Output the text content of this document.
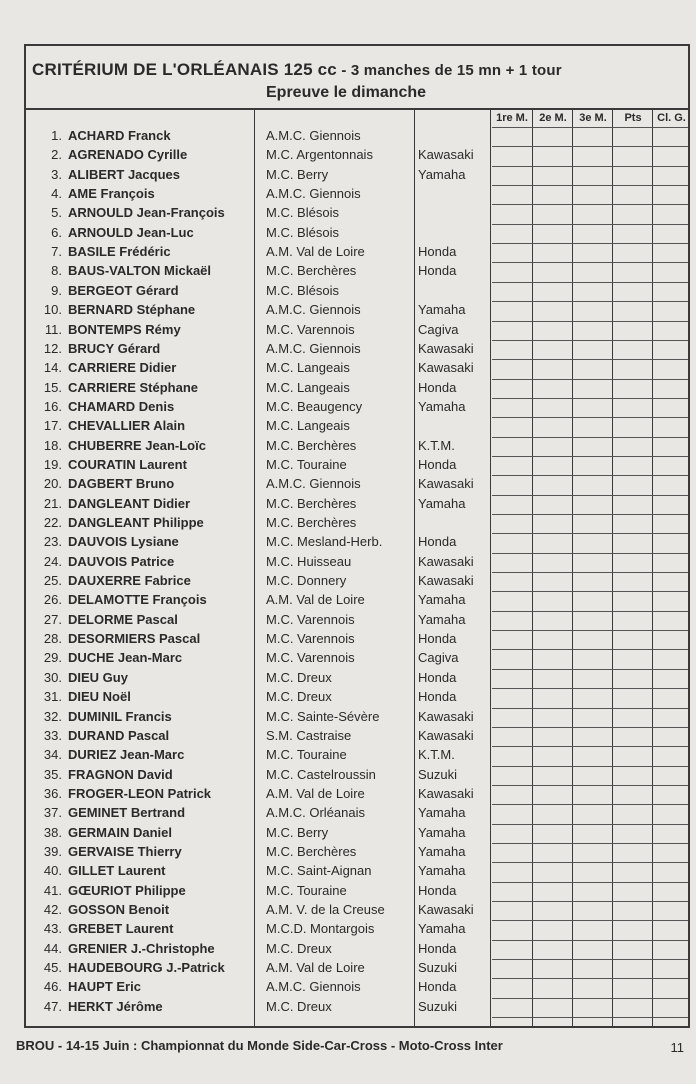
CRITÉRIUM DE L'ORLÉANAIS 125 cc - 3 manches de 15 mn + 1 tour
Epreuve le dimanche
1re M.	2e M.	3e M.	Pts	Cl. G.
1. ACHARD Franck	A.M.C. Giennois
2. AGRENADO Cyrille	M.C. Argentonnais	Kawasaki
3. ALIBERT Jacques	M.C. Berry	Yamaha
4. AME François	A.M.C. Giennois
5. ARNOULD Jean-François	M.C. Blésois
6. ARNOULD Jean-Luc	M.C. Blésois
7. BASILE Frédéric	A.M. Val de Loire	Honda
8. BAUS-VALTON Mickaël	M.C. Berchères	Honda
9. BERGEOT Gérard	M.C. Blésois
10. BERNARD Stéphane	A.M.C. Giennois	Yamaha
11. BONTEMPS Rémy	M.C. Varennois	Cagiva
12. BRUCY Gérard	A.M.C. Giennois	Kawasaki
14. CARRIERE Didier	M.C. Langeais	Kawasaki
15. CARRIERE Stéphane	M.C. Langeais	Honda
16. CHAMARD Denis	M.C. Beaugency	Yamaha
17. CHEVALLIER Alain	M.C. Langeais
18. CHUBERRE Jean-Loïc	M.C. Berchères	K.T.M.
19. COURATIN Laurent	M.C. Touraine	Honda
20. DAGBERT Bruno	A.M.C. Giennois	Kawasaki
21. DANGLEANT Didier	M.C. Berchères	Yamaha
22. DANGLEANT Philippe	M.C. Berchères
23. DAUVOIS Lysiane	M.C. Mesland-Herb.	Honda
24. DAUVOIS Patrice	M.C. Huisseau	Kawasaki
25. DAUXERRE Fabrice	M.C. Donnery	Kawasaki
26. DELAMOTTE François	A.M. Val de Loire	Yamaha
27. DELORME Pascal	M.C. Varennois	Yamaha
28. DESORMIERS Pascal	M.C. Varennois	Honda
29. DUCHE Jean-Marc	M.C. Varennois	Cagiva
30. DIEU Guy	M.C. Dreux	Honda
31. DIEU Noël	M.C. Dreux	Honda
32. DUMINIL Francis	M.C. Sainte-Sévère	Kawasaki
33. DURAND Pascal	S.M. Castraise	Kawasaki
34. DURIEZ Jean-Marc	M.C. Touraine	K.T.M.
35. FRAGNON David	M.C. Castelroussin	Suzuki
36. FROGER-LEON Patrick	A.M. Val de Loire	Kawasaki
37. GEMINET Bertrand	A.M.C. Orléanais	Yamaha
38. GERMAIN Daniel	M.C. Berry	Yamaha
39. GERVAISE Thierry	M.C. Berchères	Yamaha
40. GILLET Laurent	M.C. Saint-Aignan	Yamaha
41. GŒURIOT Philippe	M.C. Touraine	Honda
42. GOSSON Benoit	A.M. V. de la Creuse	Kawasaki
43. GREBET Laurent	M.C.D. Montargois	Yamaha
44. GRENIER J.-Christophe	M.C. Dreux	Honda
45. HAUDEBOURG J.-Patrick	A.M. Val de Loire	Suzuki
46. HAUPT Eric	A.M.C. Giennois	Honda
47. HERKT Jérôme	M.C. Dreux	Suzuki
BROU - 14-15 Juin : Championnat du Monde Side-Car-Cross - Moto-Cross Inter	11
